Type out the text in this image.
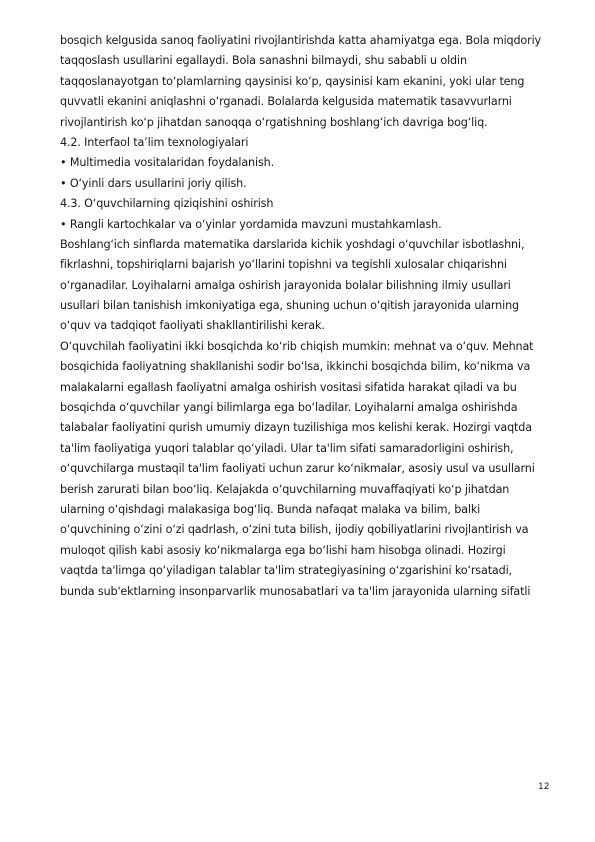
bosqich kelgusida sanoq faoliyatini rivojlantirishda katta ahamiyatga ega. Bola miqdoriy
taqqoslash usullarini egallaydi. Bola sanashni bilmaydi, shu sababli u oldin
taqqoslanayotgan to‘plamlarning qaysinisi ko‘p, qaysinisi kam ekanini, yoki ular teng
quvvatli ekanini aniqlashni o‘rganadi. Bolalarda kelgusida matematik tasavvurlarni
rivojlantirish ko‘p jihatdan sanoqqa o‘rgatishning boshlang‘ich davriga bog‘liq.
4.2. Interfaol ta’lim texnologiyalari
• Multimedia vositalaridan foydalanish.
• O‘yinli dars usullarini joriy qilish.
4.3. O‘quvchilarning qiziqishini oshirish
• Rangli kartochkalar va o‘yinlar yordamida mavzuni mustahkamlash.
Boshlang‘ich sinflarda matematika darslarida kichik yoshdagi o‘quvchilar isbotlashni,
fikrlashni, topshiriqlarni bajarish yo‘llarini topishni va tegishli xulosalar chiqarishni
o‘rganadilar. Loyihalarni amalga oshirish jarayonida bolalar bilishning ilmiy usullari
usullari bilan tanishish imkoniyatiga ega, shuning uchun o‘qitish jarayonida ularning
o‘quv va tadqiqot faoliyati shakllantirilishi kerak.
O‘quvchilah faoliyatini ikki bosqichda ko‘rib chiqish mumkin: mehnat va o‘quv. Mehnat
bosqichida faoliyatning shakllanishi sodir bo‘lsa, ikkinchi bosqichda bilim, ko‘nikma va
malakalarni egallash faoliyatni amalga oshirish vositasi sifatida harakat qiladi va bu
bosqichda o‘quvchilar yangi bilimlarga ega bo‘ladilar. Loyihalarni amalga oshirishda
talabalar faoliyatini qurish umumiy dizayn tuzilishiga mos kelishi kerak. Hozirgi vaqtda
ta'lim faoliyatiga yuqori talablar qo‘yiladi. Ular ta'lim sifati samaradorligini oshirish,
o‘quvchilarga mustaqil ta'lim faoliyati uchun zarur ko‘nikmalar, asosiy usul va usullarni
berish zarurati bilan boo‘liq. Kelajakda o‘quvchilarning muvaffaqiyati ko‘p jihatdan
ularning o‘qishdagi malakasiga bog‘liq. Bunda nafaqat malaka va bilim, balki
o‘quvchining o‘zini o‘zi qadrlash, o‘zini tuta bilish, ijodiy qobiliyatlarini rivojlantirish va
muloqot qilish kabi asosiy ko‘nikmalarga ega bo‘lishi ham hisobga olinadi. Hozirgi
vaqtda ta'limga qo‘yiladigan talablar ta'lim strategiyasining o‘zgarishini ko‘rsatadi,
bunda sub'ektlarning insonparvarlik munosabatlari va ta'lim jarayonida ularning sifatli
12
